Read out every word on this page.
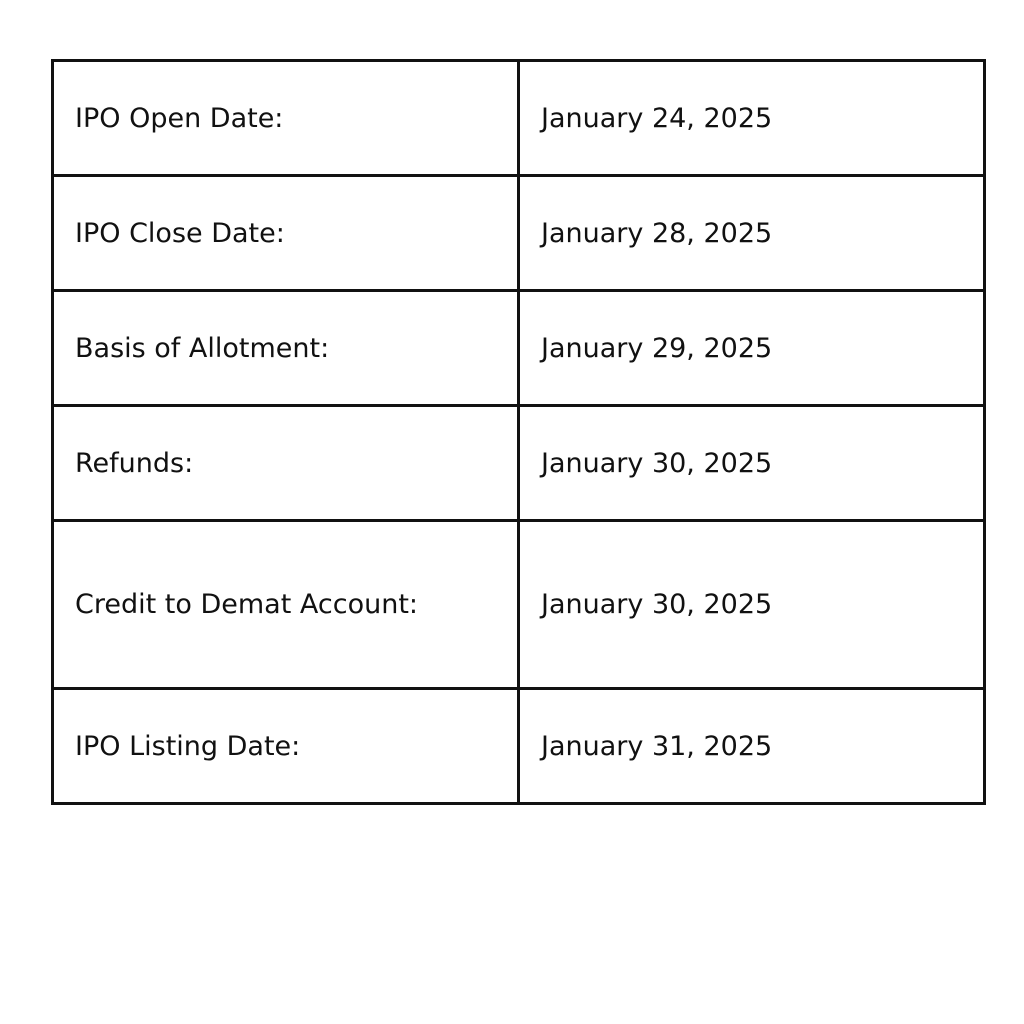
IPO Open Date:	January 24, 2025
IPO Close Date:	January 28, 2025
Basis of Allotment:	January 29, 2025
Refunds:	January 30, 2025
Credit to Demat Account:	January 30, 2025
IPO Listing Date:	January 31, 2025
